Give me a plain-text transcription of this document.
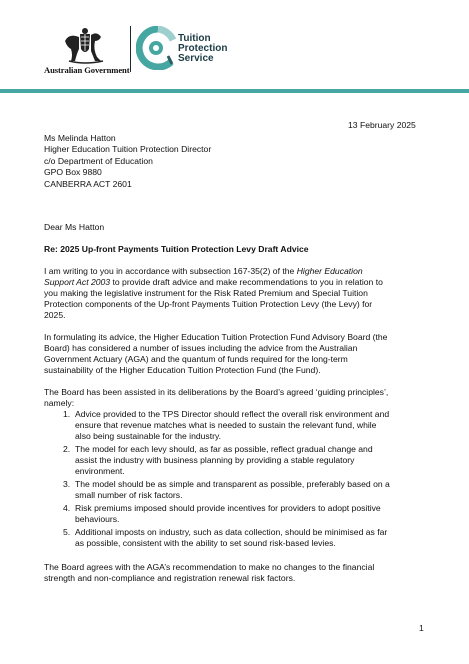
Australian Government
Tuition
Protection
Service
13 February 2025
Ms Melinda Hatton
Higher Education Tuition Protection Director
c/o Department of Education
GPO Box 9880
CANBERRA ACT 2601
Dear Ms Hatton
Re: 2025 Up-front Payments Tuition Protection Levy Draft Advice
I am writing to you in accordance with subsection 167-35(2) of the Higher Education
Support Act 2003 to provide draft advice and make recommendations to you in relation to
you making the legislative instrument for the Risk Rated Premium and Special Tuition
Protection components of the Up-front Payments Tuition Protection Levy (the Levy) for
2025.
In formulating its advice, the Higher Education Tuition Protection Fund Advisory Board (the
Board) has considered a number of issues including the advice from the Australian
Government Actuary (AGA) and the quantum of funds required for the long-term
sustainability of the Higher Education Tuition Protection Fund (the Fund).
The Board has been assisted in its deliberations by the Board’s agreed ‘guiding principles’,
namely:
1. Advice provided to the TPS Director should reflect the overall risk environment and
ensure that revenue matches what is needed to sustain the relevant fund, while
also being sustainable for the industry.
2. The model for each levy should, as far as possible, reflect gradual change and
assist the industry with business planning by providing a stable regulatory
environment.
3. The model should be as simple and transparent as possible, preferably based on a
small number of risk factors.
4. Risk premiums imposed should provide incentives for providers to adopt positive
behaviours.
5. Additional imposts on industry, such as data collection, should be minimised as far
as possible, consistent with the ability to set sound risk-based levies.
The Board agrees with the AGA’s recommendation to make no changes to the financial
strength and non-compliance and registration renewal risk factors.
1
